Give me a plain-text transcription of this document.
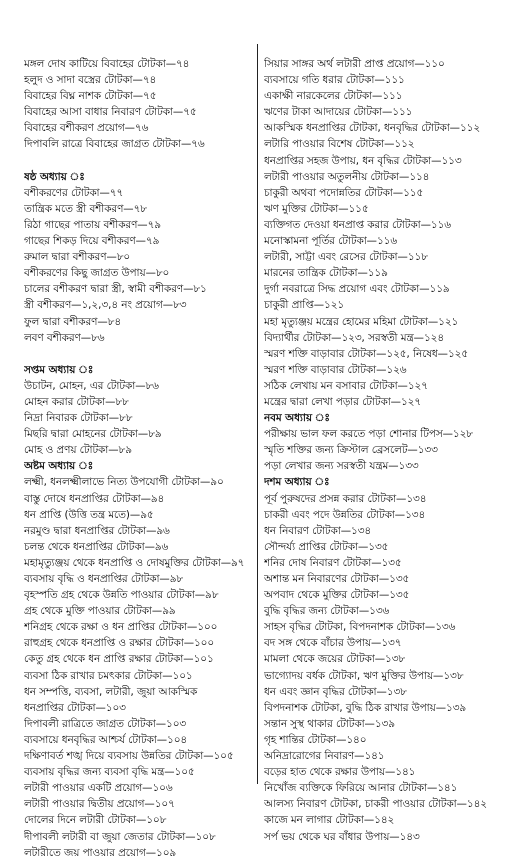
মঙ্গল দোষ কাটিয়ে বিবাহের টোটকা—৭৪
হলুদ ও সাদা বস্ত্রের টোটকা—৭৪
বিবাহের বিঘ্ন নাশক টোটকা—৭৫
বিবাহের আসা বাধার নিবারণ টোটকা—৭৫
বিবাহের বশীকরণ প্রয়োগ—৭৬
দিপাবলি রাত্রে বিবাহের জাগ্রত টোটকা—৭৬
ষষ্ঠ অধ্যায় ঃ
বশীকরণের টোটকা—৭৭
তান্ত্রিক মতে স্ত্রী বশীকরণ—৭৮
রিঠা গাছের পাতায় বশীকরণ—৭৯
গাছের শিকড় দিয়ে বশীকরণ—৭৯
রুমাল দ্বারা বশীকরণ—৮০
বশীকরণের কিছু জাগ্রত উপায়—৮০
চালের বশীকরণ দ্বারা স্ত্রী, স্বামী বশীকরণ—৮১
স্ত্রী বশীকরণ—১,২,৩,৪ নং প্রয়োগ—৮৩
ফুল দ্বারা বশীকরণ—৮৪
লবণ বশীকরণ—৮৬
সপ্তম অধ্যায় ঃ
উচাটন, মোহন, এর টোটকা—৮৬
মোহন করার টোটকা—৮৮
নিদ্রা নিবারক টোটকা—৮৮
মিছরি দ্বারা মোহনের টোটকা—৮৯
মোহ ও প্রণয় টোটকা—৮৯
অষ্টম অধ্যায় ঃ
লক্ষ্মী, ধনলক্ষ্মীলাভে নিত্য উপযোগী টোটকা—৯০
বাস্তু দোষে ধনপ্রাপ্তির টোটকা—৯৪
ধন প্রাপ্তি (উত্তি তন্ত্র মতে)—৯৫
নরমুণ্ড দ্বারা ধনপ্রাপ্তির টোটকা—৯৬
চলন্ত থেকে ধনপ্রাপ্তির টোটকা—৯৬
মহামৃত্যুঞ্জয় থেকে ধনপ্রাপ্তি ও দোষমুক্তির টোটকা—৯৭
ব্যবসায় বৃদ্ধি ও ধনপ্রাপ্তির টোটকা—৯৮
বৃহস্পতি গ্রহ থেকে উন্নতি পাওয়ার টোটকা—৯৮
গ্রহ থেকে মুক্তি পাওয়ার টোটকা—৯৯
শনিগ্রহ থেকে রক্ষা ও ধন প্রাপ্তির টোটকা—১০০
রাহুগ্রহ থেকে ধনপ্রাপ্তি ও রক্ষার টোটকা—১০০
কেতু গ্রহ থেকে ধন প্রাপ্তি রক্ষার টোটকা—১০১
ব্যবসা ঠিক রাখার চমৎকার টোটকা—১০১
ধন সম্পত্তি, ব্যবসা, লটারী, জুয়া আকস্মিক
ধনপ্রাপ্তির টোটকা—১০৩
দিপাবলী রাত্রিতে জাগ্রত টোটকা—১০৩
ব্যবসায়ে ধনবৃদ্ধির আশ্চর্য টোটকা—১০৪
দক্ষিণাবর্ত শঙ্খ দিয়ে ব্যবসায় উন্নতির টোটকা—১০৫
ব্যবসায় বৃদ্ধির জন্য ব্যবসা বৃদ্ধি মন্ত্র—১০৫
লটারী পাওয়ার একটি প্রয়োগ—১০৬
লটারী পাওয়ার দ্বিতীয় প্রয়োগ—১০৭
দোলের দিনে লটারী টোটকা—১০৮
দীপাবলী লটারী বা জুয়া জেতার টোটকা—১০৮
লটারীতে জয় পাওয়ার প্রয়োগ—১০৯
সিয়ার সাঙ্গর অর্থ লটারী প্রাপ্ত প্রয়োগ—১১০
ব্যবসায়ে গতি ধরার টোটকা—১১১
একাক্ষী নারকেলের টোটকা—১১১
ঋণের টাকা আদায়ের টোটকা—১১১
আকস্মিক ধনপ্রাপ্তির টোটকা, ধনবৃদ্ধির টোটকা—১১২
লটারি পাওয়ার বিশেষ টোটকা—১১২
ধনপ্রাপ্তির সহজ উপায়, ধন বৃদ্ধির টোটকা—১১৩
লটারী পাওয়ার অতুলনীয় টোটকা—১১৪
চাকুরী অথবা পদোন্নতির টোটকা—১১৫
ঋণ মুক্তির টোটকা—১১৫
ব্যক্তিগত দেওয়া ধনপ্রাপ্ত করার টোটকা—১১৬
মনোস্কামনা পূর্তির টোটকা—১১৬
লটারী, সাট্টা এবং রেসের টোটকা—১১৮
মারনের তান্ত্রিক টোটকা—১১৯
দুর্গা নবরাত্রে সিদ্ধ প্রয়োগ এবং টোটকা—১১৯
চাকুরী প্রাপ্তি—১২১
মহা মৃত্যুঞ্জয় মন্ত্রের হোমের মহিমা টোটকা—১২১
বিদ্যার্থীর টোটকা—১২৩, সরস্বতী মন্ত্র—১২৪
স্মরণ শক্তি বাড়াবার টোটকা—১২৫, নিষেধ—১২৫
স্মরণ শক্তি বাড়াবার টোটকা—১২৬
সঠিক লেখায় মন বসাবার টোটকা—১২৭
মন্ত্রের দ্বারা লেখা পড়ার টোটকা—১২৭
নবম অধ্যায় ঃ
পরীক্ষায় ভাল ফল করতে পড়া শোনার টিপস—১২৮
স্মৃতি শক্তির জন্য ক্রিস্টাল ব্রেসলেট—১৩৩
পড়া লেখার জন্য সরস্বতী যন্ত্রম—১৩৩
দশম অধ্যায় ঃ
পূর্ব পুরুষদের প্রসন্ন করার টোটকা—১৩৪
চাকরী এবং পদে উন্নতির টোটকা—১৩৪
ধন নিবারণ টোটকা—১৩৪
সৌন্দর্য্য প্রাপ্তির টোটকা—১৩৫
শনির দোষ নিবারণ টোটকা—১৩৫
অশান্ত মন নিবারণের টোটকা—১৩৫
অপবাদ থেকে মুক্তির টোটকা—১৩৫
বুদ্ধি বৃদ্ধির জন্য টোটকা—১৩৬
সাহস বৃদ্ধির টোটকা, বিপদনাশক টোটকা—১৩৬
বদ সঙ্গ থেকে বাঁচার উপায়—১৩৭
মামলা থেকে জয়ের টোটকা—১৩৮
ভাগ্যোদয় বর্ধক টোটকা, ঋণ মুক্তির উপায়—১৩৮
ধন এবং জ্ঞান বৃদ্ধির টোটকা—১৩৮
বিপদনাশক টোটকা, বুদ্ধি ঠিক রাখার উপায়—১৩৯
সন্তান সুস্থ থাকার টোটকা—১৩৯
গৃহ শান্তির টোটকা—১৪০
অনিদ্রারোগের নিবারণ—১৪১
বড়ের হাত থেকে রক্ষার উপায়—১৪১
নিখোঁজ ব্যক্তিকে ফিরিয়ে আনার টোটকা—১৪১
আলস্য নিবারণ টোটকা, চাকরী পাওয়ার টোটকা—১৪২
কাজে মন লাগার টোটকা—১৪২
সর্প ভয় থেকে ঘর বাঁধার উপায়—১৪৩
